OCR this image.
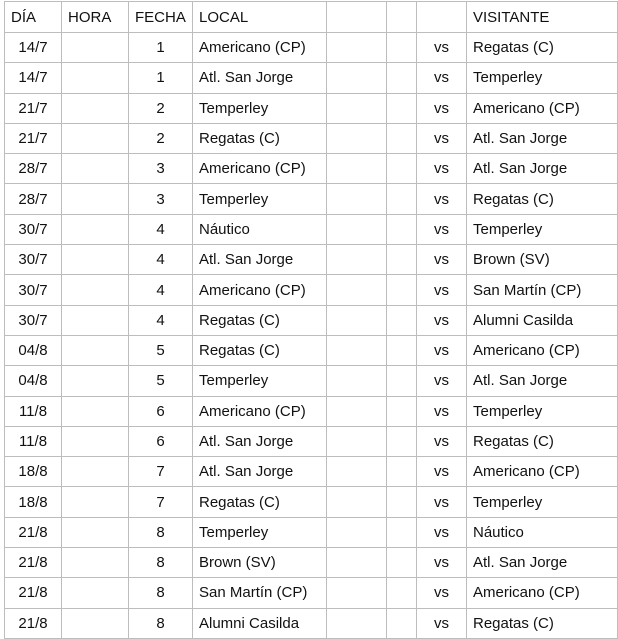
DÍA	HORA	FECHA	LOCAL				VISITANTE
14/7		1	Americano (CP)			vs	Regatas (C)
14/7		1	Atl. San Jorge			vs	Temperley
21/7		2	Temperley			vs	Americano (CP)
21/7		2	Regatas (C)			vs	Atl. San Jorge
28/7		3	Americano (CP)			vs	Atl. San Jorge
28/7		3	Temperley			vs	Regatas (C)
30/7		4	Náutico			vs	Temperley
30/7		4	Atl. San Jorge			vs	Brown (SV)
30/7		4	Americano (CP)			vs	San Martín (CP)
30/7		4	Regatas (C)			vs	Alumni Casilda
04/8		5	Regatas (C)			vs	Americano (CP)
04/8		5	Temperley			vs	Atl. San Jorge
11/8		6	Americano (CP)			vs	Temperley
11/8		6	Atl. San Jorge			vs	Regatas (C)
18/8		7	Atl. San Jorge			vs	Americano (CP)
18/8		7	Regatas (C)			vs	Temperley
21/8		8	Temperley			vs	Náutico
21/8		8	Brown (SV)			vs	Atl. San Jorge
21/8		8	San Martín (CP)			vs	Americano (CP)
21/8		8	Alumni Casilda			vs	Regatas (C)
